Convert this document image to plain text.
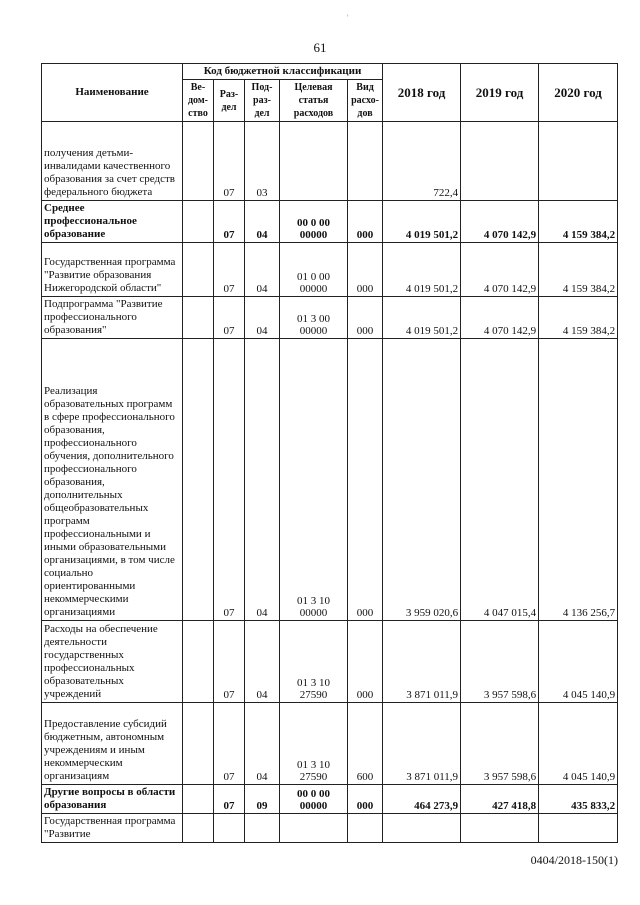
ʾ
61
Наименование	Код бюджетной классификации					2018 год	2019 год	2020 год
	Ве-
дом-
ство	Раз-
дел	Под-
раз-
дел	Целевая
статья
расходов	Вид
расхо-
дов			
получения детьми-инвалидами качественного образования за счет средств федерального бюджета		07	03			722,4		
Среднее профессиональное образование		07	04	00 0 00 00000	000	4 019 501,2	4 070 142,9	4 159 384,2
Государственная программа "Развитие образования Нижегородской области"		07	04	01 0 00 00000	000	4 019 501,2	4 070 142,9	4 159 384,2
Подпрограмма "Развитие профессионального образования"		07	04	01 3 00 00000	000	4 019 501,2	4 070 142,9	4 159 384,2
Реализация образовательных программ в сфере профессионального образования, профессионального обучения, дополнительного профессионального образования, дополнительных общеобразовательных программ профессиональными и иными образовательными организациями, в том числе социально ориентированными некоммерческими организациями		07	04	01 3 10 00000	000	3 959 020,6	4 047 015,4	4 136 256,7
Расходы на обеспечение деятельности государственных профессиональных образовательных учреждений		07	04	01 3 10 27590	000	3 871 011,9	3 957 598,6	4 045 140,9
Предоставление субсидий бюджетным, автономным учреждениям и иным некоммерческим организациям		07	04	01 3 10 27590	600	3 871 011,9	3 957 598,6	4 045 140,9
Другие вопросы в области образования		07	09	00 0 00 00000	000	464 273,9	427 418,8	435 833,2
Государственная программа "Развитие								
0404/2018-150(1)
